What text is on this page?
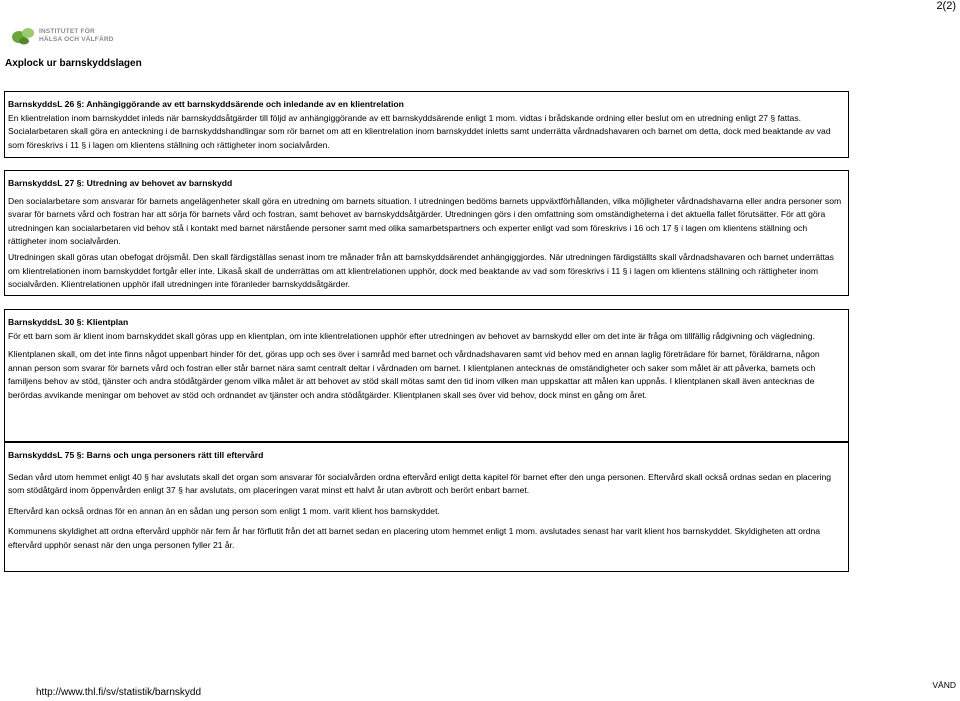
2(2)
INSTITUTET FÖR
HÄLSA OCH VÄLFÄRD
Axplock ur barnskyddslagen
BarnskyddsL 26 §: Anhängiggörande av ett barnskyddsärende och inledande av en klientrelation
En klientrelation inom barnskyddet inleds när barnskyddsåtgärder till följd av anhängiggörande av ett barnskyddsärende enligt 1 mom. vidtas i brådskande ordning eller beslut om en utredning enligt 27 § fattas. Socialarbetaren skall göra en anteckning i de barnskyddshandlingar som rör barnet om att en klientrelation inom barnskyddet inletts samt underrätta vårdnadshavaren och barnet om detta, dock med beaktande av vad som föreskrivs i 11 § i lagen om klientens ställning och rättigheter inom socialvården.
BarnskyddsL 27 §: Utredning av behovet av barnskydd
Den socialarbetare som ansvarar för barnets angelägenheter skall göra en utredning om barnets situation. I utredningen bedöms barnets uppväxtförhållanden, vilka möjligheter vårdnadshavarna eller andra personer som svarar för barnets vård och fostran har att sörja för barnets vård och fostran, samt behovet av barnskyddsåtgärder. Utredningen görs i den omfattning som omständigheterna i det aktuella fallet förutsätter. För att göra utredningen kan socialarbetaren vid behov stå i kontakt med barnet närstående personer samt med olika samarbetspartners och experter enligt vad som föreskrivs i 16 och 17 § i lagen om klientens ställning och rättigheter inom socialvården.
Utredningen skall göras utan obefogat dröjsmål. Den skall färdigställas senast inom tre månader från att barnskyddsärendet anhängiggjordes. När utredningen färdigställts skall vårdnadshavaren och barnet underrättas om klientrelationen inom barnskyddet fortgår eller inte. Likaså skall de underrättas om att klientrelationen upphör, dock med beaktande av vad som föreskrivs i 11 § i lagen om klientens ställning och rättigheter inom socialvården. Klientrelationen upphör ifall utredningen inte föranleder barnskyddsåtgärder.
BarnskyddsL 30 §: Klientplan
För ett barn som är klient inom barnskyddet skall göras upp en klientplan, om inte klientrelationen upphör efter utredningen av behovet av barnskydd eller om det inte är fråga om tillfällig rådgivning och vägledning.
Klientplanen skall, om det inte finns något uppenbart hinder för det, göras upp och ses över i samråd med barnet och vårdnadshavaren samt vid behov med en annan laglig företrädare för barnet, föräldrarna, någon annan person som svarar för barnets vård och fostran eller står barnet nära samt centralt deltar i vårdnaden om barnet. I klientplanen antecknas de omständigheter och saker som målet är att påverka, barnets och familjens behov av stöd, tjänster och andra stödåtgärder genom vilka målet är att behovet av stöd skall mötas samt den tid inom vilken man uppskattar att målen kan uppnås. I klientplanen skall även antecknas de berördas avvikande meningar om behovet av stöd och ordnandet av tjänster och andra stödåtgärder. Klientplanen skall ses över vid behov, dock minst en gång om året.
BarnskyddsL 75 §: Barns och unga personers rätt till eftervård
Sedan vård utom hemmet enligt 40 § har avslutats skall det organ som ansvarar för socialvården ordna eftervård enligt detta kapitel för barnet efter den unga personen. Eftervård skall också ordnas sedan en placering som stödåtgärd inom öppenvården enligt 37 § har avslutats, om placeringen varat minst ett halvt år utan avbrott och berört enbart barnet.
Eftervård kan också ordnas för en annan än en sådan ung person som enligt 1 mom. varit klient hos barnskyddet.
Kommunens skyldighet att ordna eftervård upphör när fem år har förflutit från det att barnet sedan en placering utom hemmet enligt 1 mom. avslutades senast har varit klient hos barnskyddet. Skyldigheten att ordna eftervård upphör senast när den unga personen fyller 21 år.
http://www.thl.fi/sv/statistik/barnskydd
VÄND
